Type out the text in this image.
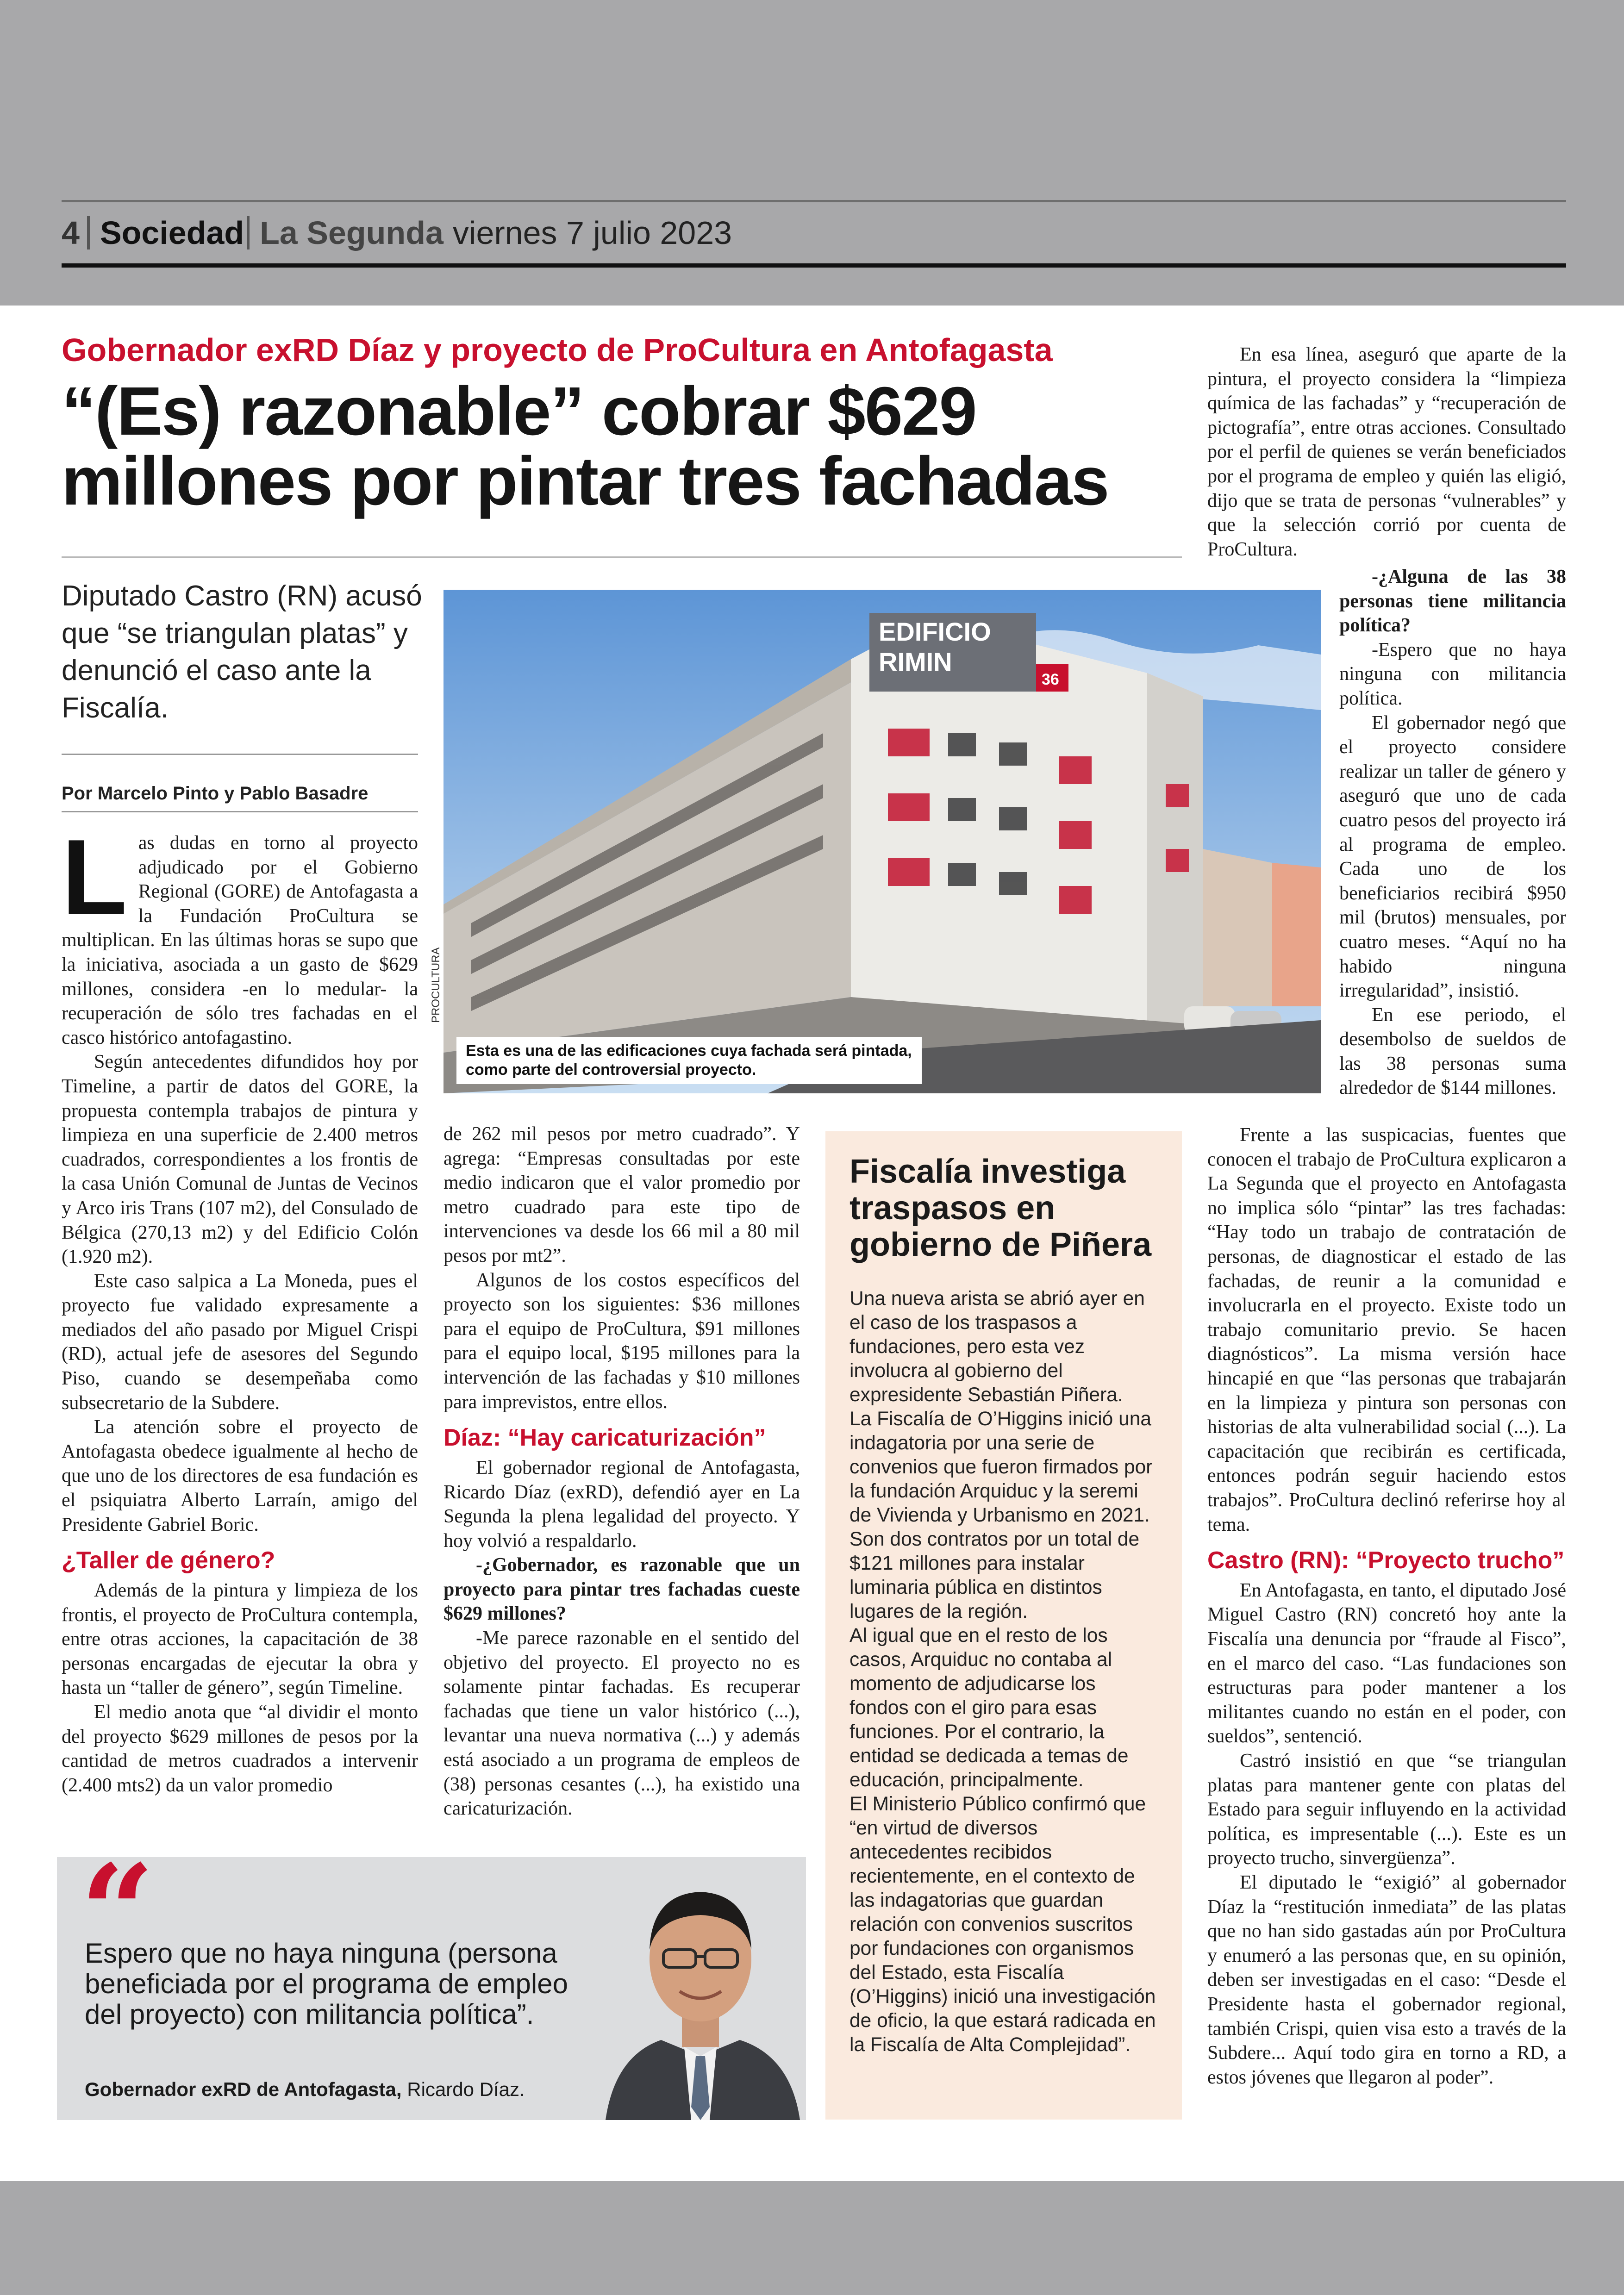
4 Sociedad La Segunda viernes 7 julio 2023
Gobernador exRD Díaz y proyecto de ProCultura en Antofagasta
“(Es) razonable” cobrar $629 millones por pintar tres fachadas
Diputado Castro (RN) acusó que “se triangulan platas” y denunció el caso ante la Fiscalía.
Por Marcelo Pinto y Pablo Basadre

Las dudas en torno al proyecto adjudicado por el Gobierno Regional (GORE) de Antofagasta a la Fundación ProCultura se multiplican. En las últimas horas se supo que la iniciativa, asociada a un gasto de $629 millones, considera -en lo medular- la recuperación de sólo tres fachadas en el casco histórico antofagastino.

Según antecedentes difundidos hoy por Timeline, a partir de datos del GORE, la propuesta contempla trabajos de pintura y limpieza en una superficie de 2.400 metros cuadrados, correspondientes a los frontis de la casa Unión Comunal de Juntas de Vecinos y Arco iris Trans (107 m2), del Consulado de Bélgica (270,13 m2) y del Edificio Colón (1.920 m2).

Este caso salpica a La Moneda, pues el proyecto fue validado expresamente a mediados del año pasado por Miguel Crispi (RD), actual jefe de asesores del Segundo Piso, cuando se desempeñaba como subsecretario de la Subdere.

La atención sobre el proyecto de Antofagasta obedece igualmente al hecho de que uno de los directores de esa fundación es el psiquiatra Alberto Larraín, amigo del Presidente Gabriel Boric.

¿Taller de género?

Además de la pintura y limpieza de los frontis, el proyecto de ProCultura contempla, entre otras acciones, la capacitación de 38 personas encargadas de ejecutar la obra y hasta un “taller de género”, según Timeline.

El medio anota que “al dividir el monto del proyecto $629 millones de pesos por la cantidad de metros cuadrados a intervenir (2.400 mts2) da un valor promedio

de 262 mil pesos por metro cuadrado”. Y agrega: “Empresas consultadas por este medio indicaron que el valor promedio por metro cuadrado para este tipo de intervenciones va desde los 66 mil a 80 mil pesos por mt2”.

Algunos de los costos específicos del proyecto son los siguientes: $36 millones para el equipo de ProCultura, $91 millones para el equipo local, $195 millones para la intervención de las fachadas y $10 millones para imprevistos, entre ellos.

Díaz: “Hay caricaturización”

El gobernador regional de Antofagasta, Ricardo Díaz (exRD), defendió ayer en La Segunda la plena legalidad del proyecto. Y hoy volvió a respaldarlo.

-¿Gobernador, es razonable que un proyecto para pintar tres fachadas cueste $629 millones?

-Me parece razonable en el sentido del objetivo del proyecto. El proyecto no es solamente pintar fachadas. Es recuperar fachadas que tiene un valor histórico (...), levantar una nueva normativa (...) y además está asociado a un programa de empleos de (38) personas cesantes (...), ha existido una caricaturización.

En esa línea, aseguró que aparte de la pintura, el proyecto considera la “limpieza química de las fachadas” y “recuperación de pictografía”, entre otras acciones. Consultado por el perfil de quienes se verán beneficiados por el programa de empleo y quién las eligió, dijo que se trata de personas “vulnerables” y que la selección corrió por cuenta de ProCultura.

-¿Alguna de las 38 personas tiene militancia política?

-Espero que no haya ninguna con militancia política.

El gobernador negó que el proyecto considere realizar un taller de género y aseguró que uno de cada cuatro pesos del proyecto irá al programa de empleo. Cada uno de los beneficiarios recibirá $950 mil (brutos) mensuales, por cuatro meses. “Aquí no ha habido ninguna irregularidad”, insistió.

En ese periodo, el desembolso de sueldos de las 38 personas suma alrededor de $144 millones.

Frente a las suspicacias, fuentes que conocen el trabajo de ProCultura explicaron a La Segunda que el proyecto en Antofagasta no implica sólo “pintar” las tres fachadas: “Hay todo un trabajo de contratación de personas, de diagnosticar el estado de las fachadas, de reunir a la comunidad e involucrarla en el proyecto. Existe todo un trabajo comunitario previo. Se hacen diagnósticos”. La misma versión hace hincapié en que “las personas que trabajarán en la limpieza y pintura son personas con historias de alta vulnerabilidad social (...). La capacitación que recibirán es certificada, entonces podrán seguir haciendo estos trabajos”. ProCultura declinó referirse hoy al tema.

Castro (RN): “Proyecto trucho”

En Antofagasta, en tanto, el diputado José Miguel Castro (RN) concretó hoy ante la Fiscalía una denuncia por “fraude al Fisco”, en el marco del caso. “Las fundaciones son estructuras para poder mantener a los militantes cuando no están en el poder, con sueldos”, sentenció.

Castró insistió en que “se triangulan platas para mantener gente con platas del Estado para seguir influyendo en la actividad política, es impresentable (...). Este es un proyecto trucho, sinvergüenza”.

El diputado le “exigió” al gobernador Díaz la “restitución inmediata” de las platas que no han sido gastadas aún por ProCultura y enumeró a las personas que, en su opinión, deben ser investigadas en el caso: “Desde el Presidente hasta el gobernador regional, también Crispi, quien visa esto a través de la Subdere... Aquí todo gira en torno a RD, a estos jóvenes que llegaron al poder”.

EDIFICIO
RIMIN
36
PROCULTURA
Esta es una de las edificaciones cuya fachada será pintada, como parte del controversial proyecto.
Fiscalía investiga traspasos en gobierno de Piñera

Una nueva arista se abrió ayer en el caso de los traspasos a fundaciones, pero esta vez involucra al gobierno del expresidente Sebastián Piñera.

La Fiscalía de O’Higgins inició una indagatoria por una serie de convenios que fueron firmados por la fundación Arquiduc y la seremi de Vivienda y Urbanismo en 2021. Son dos contratos por un total de $121 millones para instalar luminaria pública en distintos lugares de la región.

Al igual que en el resto de los casos, Arquiduc no contaba al momento de adjudicarse los fondos con el giro para esas funciones. Por el contrario, la entidad se dedicada a temas de educación, principalmente.

El Ministerio Público confirmó que “en virtud de diversos antecedentes recibidos recientemente, en el contexto de las indagatorias que guardan relación con convenios suscritos por fundaciones con organismos del Estado, esta Fiscalía (O’Higgins) inició una investigación de oficio, la que estará radicada en la Fiscalía de Alta Complejidad”.

“
Espero que no haya ninguna (persona beneficiada por el programa de empleo del proyecto) con militancia política”.
Gobernador exRD de Antofagasta, Ricardo Díaz.
